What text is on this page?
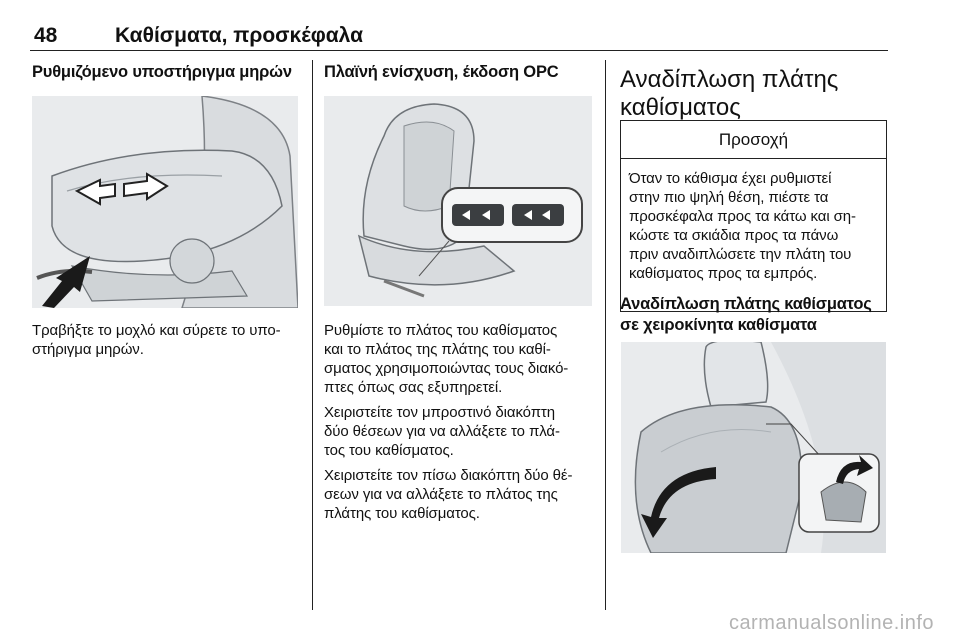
48	Καθίσματα, προσκέφαλα
Ρυθμιζόμενο υποστήριγμα μηρών

Τραβήξτε το μοχλό και σύρετε το υπο-

στήριγμα μηρών.

Πλαϊνή ενίσχυση, έκδοση OPC

Ρυθμίστε το πλάτος του καθίσματος

και το πλάτος της πλάτης του καθί-

σματος χρησιμοποιώντας τους διακό-

πτες όπως σας εξυπηρετεί.

Χειριστείτε τον μπροστινό διακόπτη

δύο θέσεων για να αλλάξετε το πλά-

τος του καθίσματος.

Χειριστείτε τον πίσω διακόπτη δύο θέ-

σεων για να αλλάξετε το πλάτος της

πλάτης του καθίσματος.

Αναδίπλωση πλάτης
καθίσματος
Προσοχή

Όταν το κάθισμα έχει ρυθμιστεί

στην πιο ψηλή θέση, πιέστε τα

προσκέφαλα προς τα κάτω και ση-

κώστε τα σκιάδια προς τα πάνω

πριν αναδιπλώσετε την πλάτη του

καθίσματος προς τα εμπρός.

Αναδίπλωση πλάτης καθίσματος
σε χειροκίνητα καθίσματα
carmanualsonline.info
